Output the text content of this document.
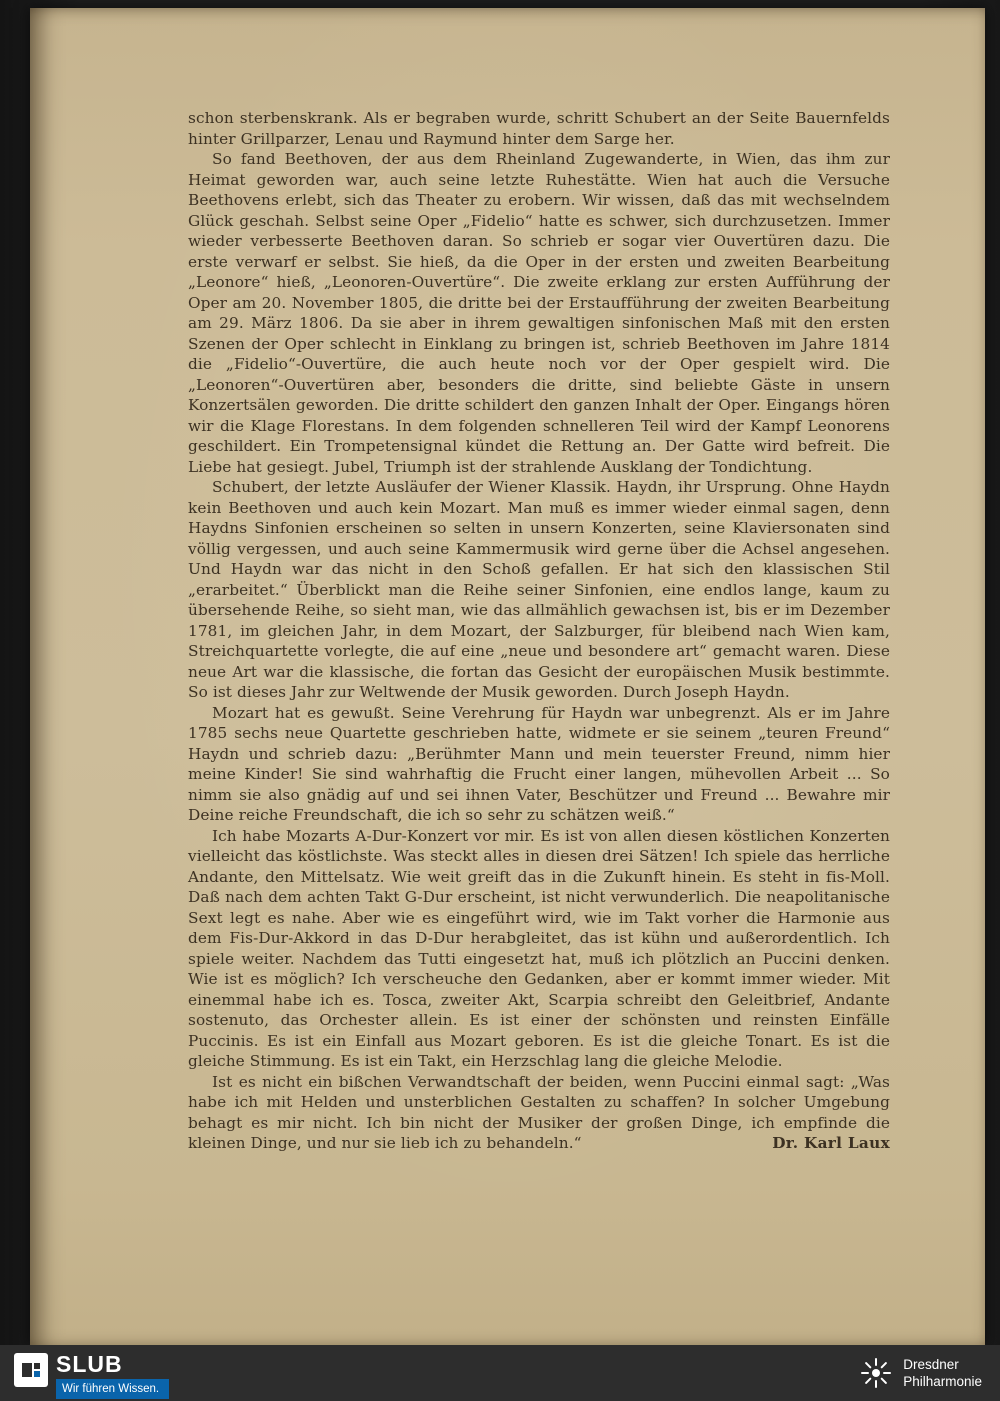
schon sterbenskrank. Als er begraben wurde, schritt Schubert an der Seite Bauernfelds hinter Grillparzer, Lenau und Raymund hinter dem Sarge her.

So fand Beethoven, der aus dem Rheinland Zugewanderte, in Wien, das ihm zur Heimat geworden war, auch seine letzte Ruhestätte. Wien hat auch die Versuche Beethovens erlebt, sich das Theater zu erobern. Wir wissen, daß das mit wechselndem Glück geschah. Selbst seine Oper „Fidelio“ hatte es schwer, sich durchzusetzen. Immer wieder verbesserte Beethoven daran. So schrieb er sogar vier Ouvertüren dazu. Die erste verwarf er selbst. Sie hieß, da die Oper in der ersten und zweiten Bearbeitung „Leonore“ hieß, „Leonoren-Ouvertüre“. Die zweite erklang zur ersten Aufführung der Oper am 20. November 1805, die dritte bei der Erstaufführung der zweiten Bearbeitung am 29. März 1806. Da sie aber in ihrem gewaltigen sinfonischen Maß mit den ersten Szenen der Oper schlecht in Einklang zu bringen ist, schrieb Beethoven im Jahre 1814 die „Fidelio“-Ouvertüre, die auch heute noch vor der Oper gespielt wird. Die „Leonoren“-Ouvertüren aber, besonders die dritte, sind beliebte Gäste in unsern Konzertsälen geworden. Die dritte schildert den ganzen Inhalt der Oper. Eingangs hören wir die Klage Florestans. In dem folgenden schnelleren Teil wird der Kampf Leonorens geschildert. Ein Trompetensignal kündet die Rettung an. Der Gatte wird befreit. Die Liebe hat gesiegt. Jubel, Triumph ist der strahlende Ausklang der Tondichtung.

Schubert, der letzte Ausläufer der Wiener Klassik. Haydn, ihr Ursprung. Ohne Haydn kein Beethoven und auch kein Mozart. Man muß es immer wieder einmal sagen, denn Haydns Sinfonien erscheinen so selten in unsern Konzerten, seine Klaviersonaten sind völlig vergessen, und auch seine Kammermusik wird gerne über die Achsel angesehen. Und Haydn war das nicht in den Schoß gefallen. Er hat sich den klassischen Stil „erarbeitet.“ Überblickt man die Reihe seiner Sinfonien, eine endlos lange, kaum zu übersehende Reihe, so sieht man, wie das allmählich gewachsen ist, bis er im Dezember 1781, im gleichen Jahr, in dem Mozart, der Salzburger, für bleibend nach Wien kam, Streichquartette vorlegte, die auf eine „neue und besondere art“ gemacht waren. Diese neue Art war die klassische, die fortan das Gesicht der europäischen Musik bestimmte. So ist dieses Jahr zur Weltwende der Musik geworden. Durch Joseph Haydn.

Mozart hat es gewußt. Seine Verehrung für Haydn war unbegrenzt. Als er im Jahre 1785 sechs neue Quartette geschrieben hatte, widmete er sie seinem „teuren Freund“ Haydn und schrieb dazu: „Berühmter Mann und mein teuerster Freund, nimm hier meine Kinder! Sie sind wahrhaftig die Frucht einer langen, mühevollen Arbeit ... So nimm sie also gnädig auf und sei ihnen Vater, Beschützer und Freund ... Bewahre mir Deine reiche Freundschaft, die ich so sehr zu schätzen weiß.“

Ich habe Mozarts A-Dur-Konzert vor mir. Es ist von allen diesen köstlichen Konzerten vielleicht das köstlichste. Was steckt alles in diesen drei Sätzen! Ich spiele das herrliche Andante, den Mittelsatz. Wie weit greift das in die Zukunft hinein. Es steht in fis-Moll. Daß nach dem achten Takt G-Dur erscheint, ist nicht verwunderlich. Die neapolitanische Sext legt es nahe. Aber wie es eingeführt wird, wie im Takt vorher die Harmonie aus dem Fis-Dur-Akkord in das D-Dur herabgleitet, das ist kühn und außerordentlich. Ich spiele weiter. Nachdem das Tutti eingesetzt hat, muß ich plötzlich an Puccini denken. Wie ist es möglich? Ich verscheuche den Gedanken, aber er kommt immer wieder. Mit einemmal habe ich es. Tosca, zweiter Akt, Scarpia schreibt den Geleitbrief, Andante sostenuto, das Orchester allein. Es ist einer der schönsten und reinsten Einfälle Puccinis. Es ist ein Einfall aus Mozart geboren. Es ist die gleiche Tonart. Es ist die gleiche Stimmung. Es ist ein Takt, ein Herzschlag lang die gleiche Melodie.

Ist es nicht ein bißchen Verwandtschaft der beiden, wenn Puccini einmal sagt: „Was habe ich mit Helden und unsterblichen Gestalten zu schaffen? In solcher Umgebung behagt es mir nicht. Ich bin nicht der Musiker der großen Dinge, ich empfinde die kleinen Dinge, und nur sie lieb ich zu behandeln.“	Dr. Karl Laux

SLUB
Wir führen Wissen.
Dresdner
Philharmonie
